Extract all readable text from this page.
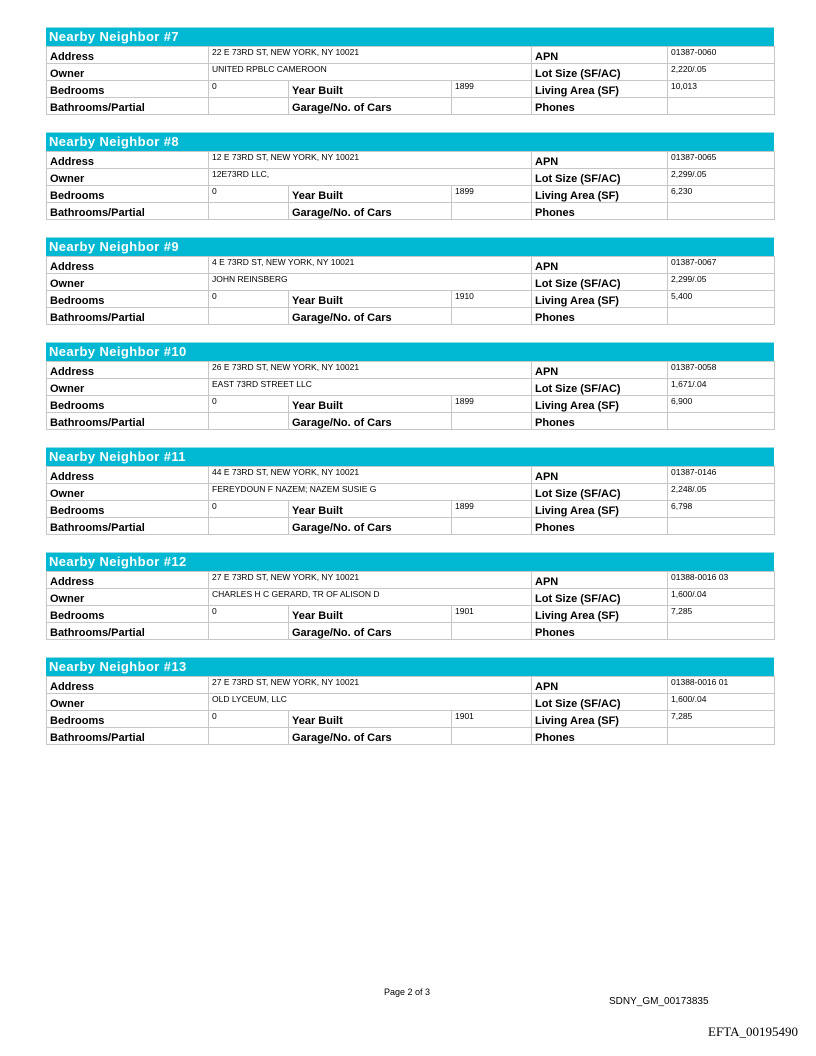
Nearby Neighbor #7
Address	22 E 73RD ST, NEW YORK, NY 10021			APN	01387-0060
Owner	UNITED RPBLC CAMEROON			Lot Size (SF/AC)	2,220/.05
Bedrooms	0	Year Built	1899	Living Area (SF)	10,013
Bathrooms/Partial		Garage/No. of Cars		Phones	
Nearby Neighbor #8
Address	12 E 73RD ST, NEW YORK, NY 10021			APN	01387-0065
Owner	12E73RD LLC,			Lot Size (SF/AC)	2,299/.05
Bedrooms	0	Year Built	1899	Living Area (SF)	6,230
Bathrooms/Partial		Garage/No. of Cars		Phones	
Nearby Neighbor #9
Address	4 E 73RD ST, NEW YORK, NY 10021			APN	01387-0067
Owner	JOHN REINSBERG			Lot Size (SF/AC)	2,299/.05
Bedrooms	0	Year Built	1910	Living Area (SF)	5,400
Bathrooms/Partial		Garage/No. of Cars		Phones	
Nearby Neighbor #10
Address	26 E 73RD ST, NEW YORK, NY 10021			APN	01387-0058
Owner	EAST 73RD STREET LLC			Lot Size (SF/AC)	1,671/.04
Bedrooms	0	Year Built	1899	Living Area (SF)	6,900
Bathrooms/Partial		Garage/No. of Cars		Phones	
Nearby Neighbor #11
Address	44 E 73RD ST, NEW YORK, NY 10021			APN	01387-0146
Owner	FEREYDOUN F NAZEM; NAZEM SUSIE G			Lot Size (SF/AC)	2,248/.05
Bedrooms	0	Year Built	1899	Living Area (SF)	6,798
Bathrooms/Partial		Garage/No. of Cars		Phones	
Nearby Neighbor #12
Address	27 E 73RD ST, NEW YORK, NY 10021			APN	01388-0016 03
Owner	CHARLES H C GERARD, TR OF ALISON D			Lot Size (SF/AC)	1,600/.04
Bedrooms	0	Year Built	1901	Living Area (SF)	7,285
Bathrooms/Partial		Garage/No. of Cars		Phones	
Nearby Neighbor #13
Address	27 E 73RD ST, NEW YORK, NY 10021			APN	01388-0016 01
Owner	OLD LYCEUM, LLC			Lot Size (SF/AC)	1,600/.04
Bedrooms	0	Year Built	1901	Living Area (SF)	7,285
Bathrooms/Partial		Garage/No. of Cars		Phones	
Page 2 of 3
SDNY_GM_00173835
EFTA_00195490
